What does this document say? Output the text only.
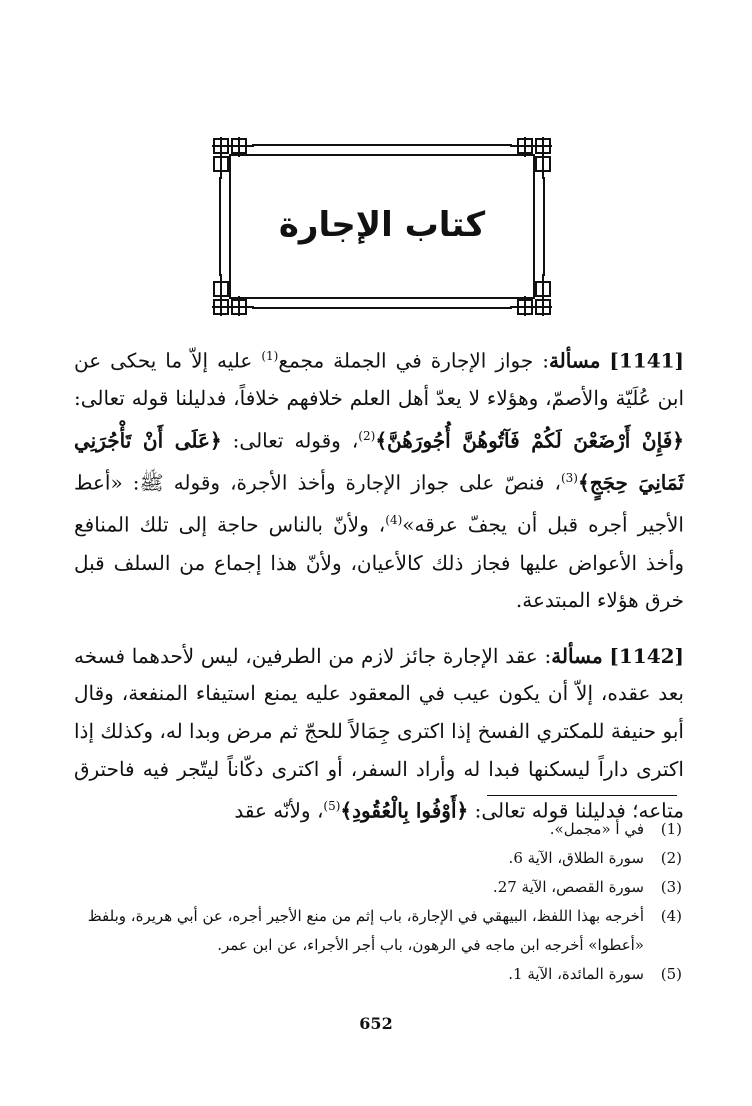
كتاب الإجارة

[1141] مسألة: جواز الإجارة في الجملة مجمع$^{(1)}$ عليه إلاّ ما يحكى عن ابن عُلَيّة والأصمّ، وهؤلاء لا يعدّ أهل العلم خلافهم خلافاً، فدليلنا قوله تعالى: ﴿فَإِنْ أَرْضَعْنَ لَكُمْ فَآتُوهُنَّ أُجُورَهُنَّ﴾$^{(2)}$، وقوله تعالى: ﴿عَلَى أَنْ تَأْجُرَنِي ثَمَانِيَ حِجَجٍ﴾$^{(3)}$، فنصّ على جواز الإجارة وأخذ الأجرة، وقوله ﷺ: «أعط الأجير أجره قبل أن يجفّ عرقه»$^{(4)}$، ولأنّ بالناس حاجة إلى تلك المنافع وأخذ الأعواض عليها فجاز ذلك كالأعيان، ولأنّ هذا إجماع من السلف قبل خرق هؤلاء المبتدعة.

[1142] مسألة: عقد الإجارة جائز لازم من الطرفين، ليس لأحدهما فسخه بعد عقده، إلاّ أن يكون عيب في المعقود عليه يمنع استيفاء المنفعة، وقال أبو حنيفة للمكتري الفسخ إذا اكترى جِمَالاً للحجّ ثم مرض وبدا له، وكذلك إذا اكترى داراً ليسكنها فبدا له وأراد السفر، أو اكترى دكّاناً ليتّجر فيه فاحترق متاعه؛ فدليلنا قوله تعالى: ﴿أَوْفُوا بِالْعُقُودِ﴾$^{(5)}$، ولأنّه عقد

(1)
في أ «مجمل».
(2)
سورة الطلاق، الآية 6.
(3)
سورة القصص، الآية 27.
(4)
أخرجه بهذا اللفظ، البيهقي في الإجارة، باب إثم من منع الأجير أجره، عن أبي هريرة، وبلفظ «أعطوا» أخرجه ابن ماجه في الرهون، باب أجر الأجراء، عن ابن عمر.
(5)
سورة المائدة، الآية 1.
652
